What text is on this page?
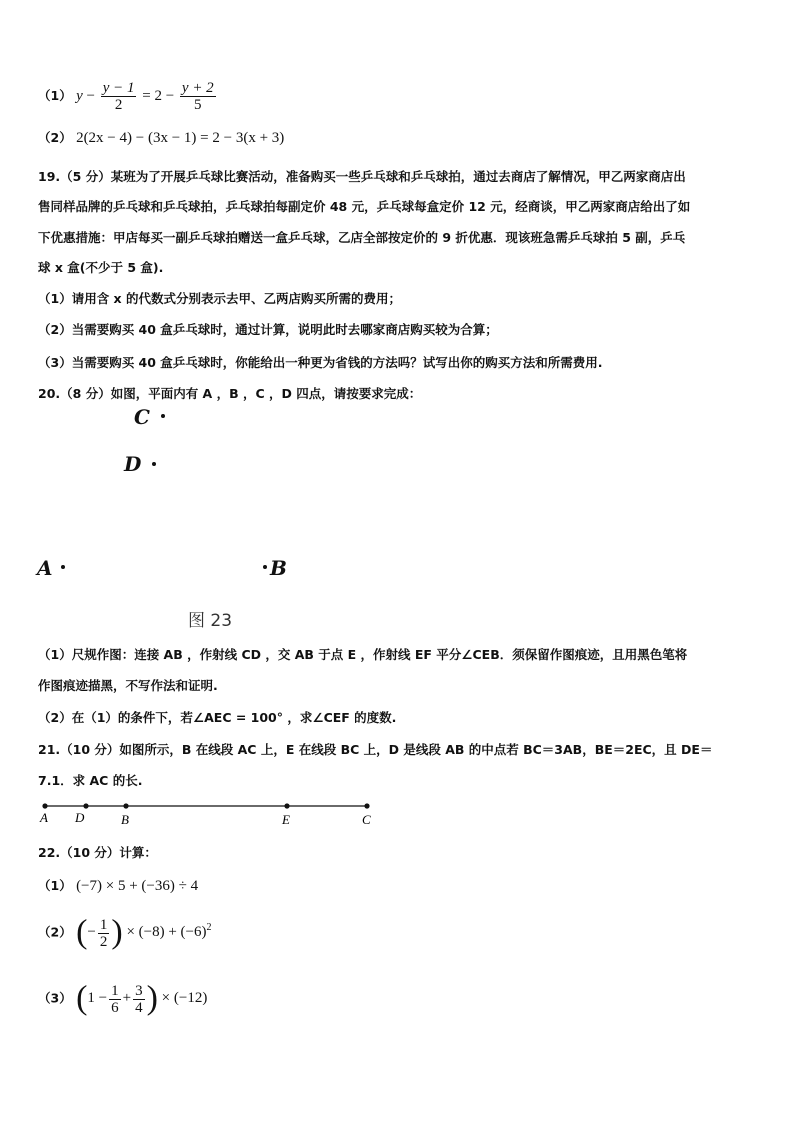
（1） $y - \frac{y - 1}{2} = 2 - \frac{y + 2}{5}$
（2） 2(2x − 4) − (3x − 1) = 2 − 3(x + 3)
19.（5 分）某班为了开展乒乓球比赛活动，准备购买一些乒乓球和乒乓球拍，通过去商店了解情况，甲乙两家商店出
售同样品牌的乒乓球和乒乓球拍，乒乓球拍每副定价 48 元，乒乓球每盒定价 12 元，经商谈，甲乙两家商店给出了如
下优惠措施：甲店每买一副乒乓球拍赠送一盒乒乓球，乙店全部按定价的 9 折优惠．现该班急需乒乓球拍 5 副，乒乓
球 x 盒(不少于 5 盒).
（1）请用含 x 的代数式分别表示去甲、乙两店购买所需的费用；
（2）当需要购买 40 盒乒乓球时，通过计算，说明此时去哪家商店购买较为合算；
（3）当需要购买 40 盒乒乓球时，你能给出一种更为省钱的方法吗？试写出你的购买方法和所需费用.
20.（8 分）如图，平面内有 A ，B ，C ，D 四点，请按要求完成：
C
D
A	B
图 23
（1）尺规作图：连接 AB ，作射线 CD ，交 AB 于点 E ，作射线 EF 平分∠CEB．须保留作图痕迹，且用黑色笔将
作图痕迹描黑，不写作法和证明.
（2）在（1）的条件下，若∠AEC = 100° ，求∠CEF 的度数.
21.（10 分）如图所示，B 在线段 AC 上，E 在线段 BC 上，D 是线段 AB 的中点若 BC＝3AB，BE＝2EC，且 DE＝
7.1．求 AC 的长.
A D	B	E	C
22.（10 分）计算：
（1） (−7) × 5 + (−36) ÷ 4
（2） (− $\frac{1}{2}$ ) × $(-8) + (-6)^2$
（3） ($1 - \frac{1}{6} + \frac{3}{4}$ ) × (−12)
